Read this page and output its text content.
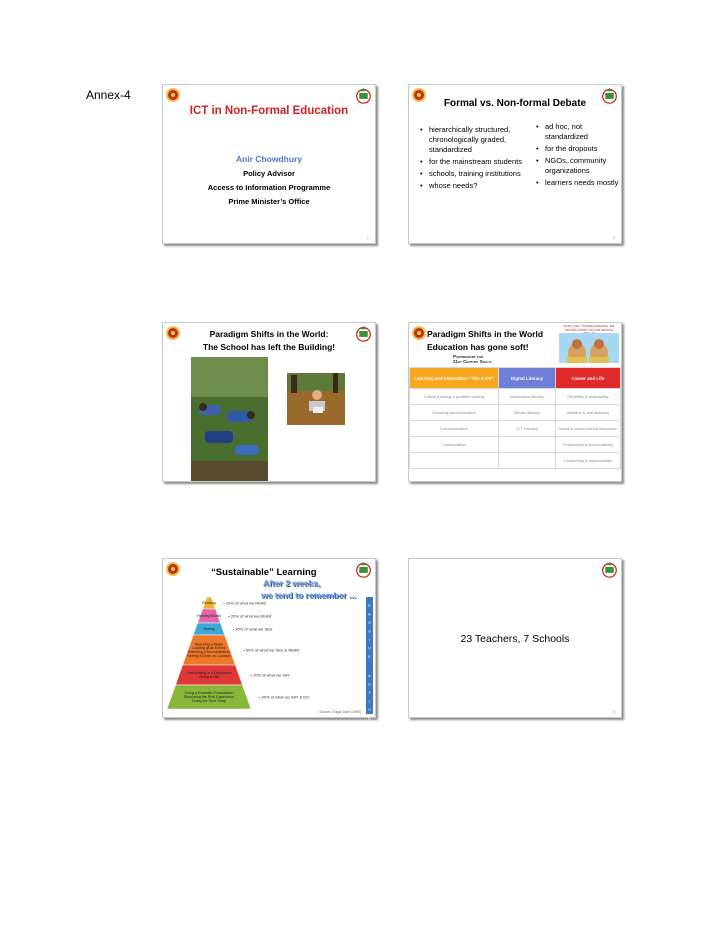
Annex-4
ICT in Non-Formal Education
Anir Chowdhury
Policy Advisor
Access to Information Programme
Prime Minister’s Office
1
Formal vs. Non-formal Debate
• hierarchically structured, chronologically graded, standardized
• for the mainstream students
• schools, training institutions
• whose needs?
• ad hoc, not standardized
• for the dropouts
• NGOs, community organizations
• learners needs mostly
2
Paradigm Shifts in the World:
The School has left the Building!
Paradigm Shifts in the World
Education has gone soft!
Partnership for
21st Century Skills
WOW! THEY INVITED READING, WE SHOULD WORK ON OUR PEOPLE
Learning and Innovation: “The 4 C’s”	Digital Literacy	Career and Life
Critical thinking & problem solving	Information literacy	Flexibility & adaptability
Creativity and innovation	Media Literacy	Initiative & self-direction
Communication	ICT Literacy	Social & cross-cultural interaction
Collaboration		Productivity & Accountability
		Leadership & responsibility
“Sustainable” Learning
After 2 weeks,
we tend to remember ...
Reading • 10% of what we READ
Hearing Words • 20% of what we HEAR
Seeing	• 30% of what we SEE
Watching a Movie Looking at an Exhibit Watching a Demonstration Seeing it Done on Location
• 50% of what we SEE & HEAR
Participating in a Discussion Giving a Talk	• 70% of what we SAY
Doing a Dramatic Presentation Simulating the Real Experience Doing the Real Thing
• 90% of what we SAY & DO
P A S S I V E
A C T I V E
Source: Edgar Dale (1969)
23 Teachers, 7 Schools
6
